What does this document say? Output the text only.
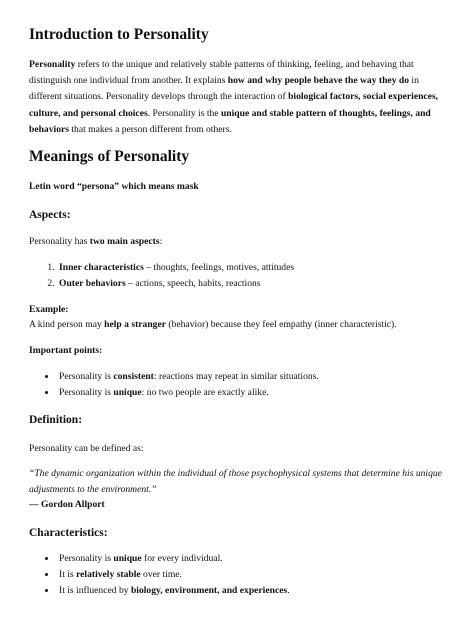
Introduction to Personality

Personality refers to the unique and relatively stable patterns of thinking, feeling, and behaving that distinguish one individual from another. It explains how and why people behave the way they do in different situations. Personality develops through the interaction of biological factors, social experiences, culture, and personal choices. Personality is the unique and stable pattern of thoughts, feelings, and behaviors that makes a person different from others.

Meanings of Personality

Letin word “persona” which means mask

Aspects:

Personality has two main aspects:

1. Inner characteristics – thoughts, feelings, motives, attitudes
2. Outer behaviors – actions, speech, habits, reactions

Example:

A kind person may help a stranger (behavior) because they feel empathy (inner characteristic).

Important points:

• Personality is consistent: reactions may repeat in similar situations.
• Personality is unique: no two people are exactly alike.
Definition:

Personality can be defined as:

“The dynamic organization within the individual of those psychophysical systems that determine his unique adjustments to the environment.”

— Gordon Allport

Characteristics:
• Personality is unique for every individual.
• It is relatively stable over time.
• It is influenced by biology, environment, and experiences.
